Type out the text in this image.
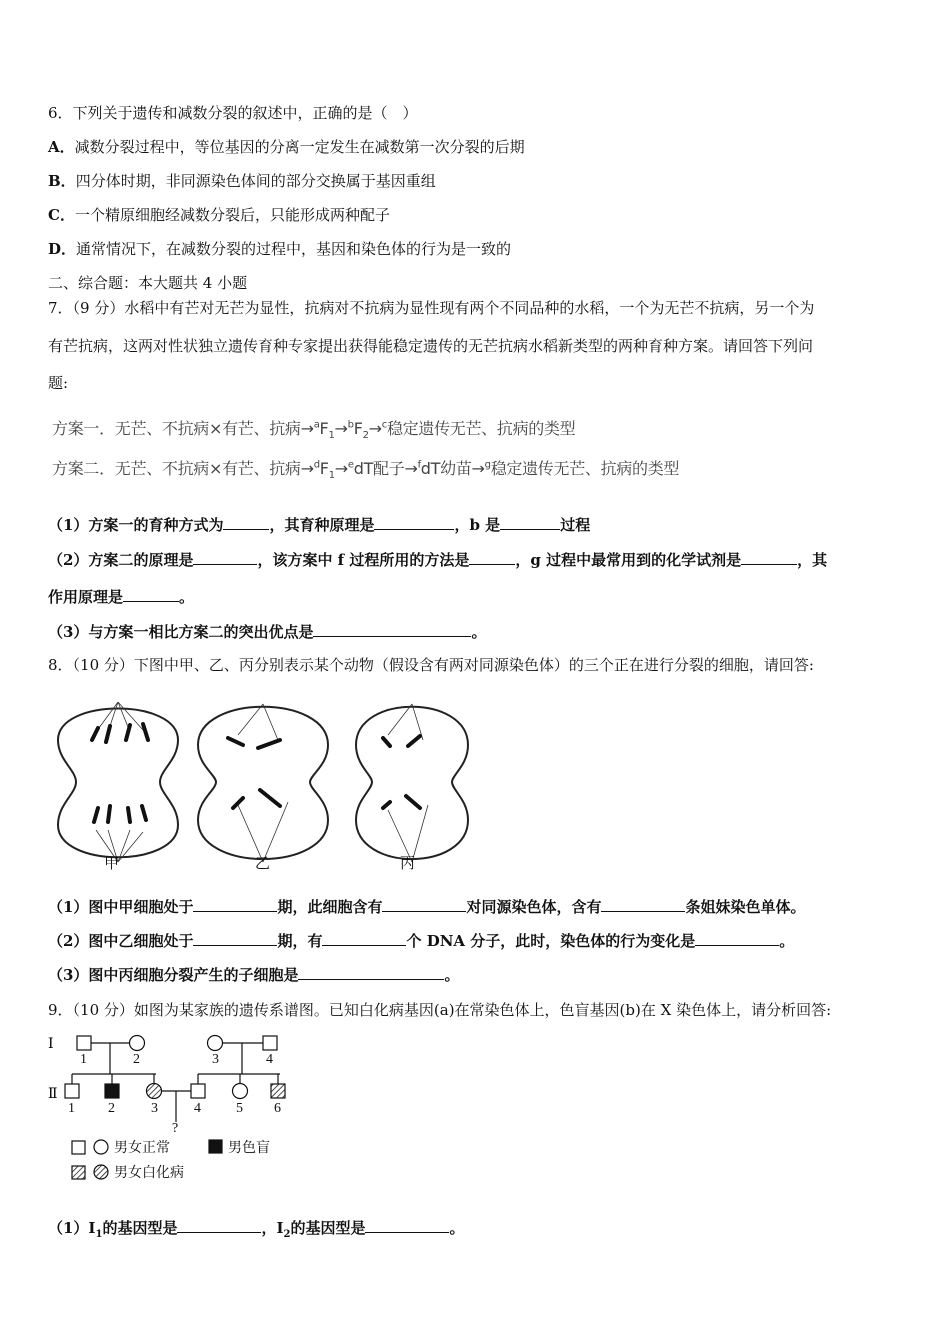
6．下列关于遗传和减数分裂的叙述中，正确的是（　）
A．减数分裂过程中，等位基因的分离一定发生在减数第一次分裂的后期
B．四分体时期，非同源染色体间的部分交换属于基因重组
C．一个精原细胞经减数分裂后，只能形成两种配子
D．通常情况下，在减数分裂的过程中，基因和染色体的行为是一致的
二、综合题：本大题共 4 小题
7．（9 分）水稻中有芒对无芒为显性，抗病对不抗病为显性现有两个不同品种的水稻，一个为无芒不抗病，另一个为
有芒抗病，这两对性状独立遗传育种专家提出获得能稳定遗传的无芒抗病水稻新类型的两种育种方案。请回答下列问
题:
方案一．无芒、不抗病×有芒、抗病$\to^aF_1\to^bF_2\to^c$稳定遗传无芒、抗病的类型
方案二．无芒、不抗病×有芒、抗病$\to^dF_1\to^edT$配子→$^f$dT幼苗→$^g$稳定遗传无芒、抗病的类型
（1）方案一的育种方式为	，其育种原理是	，b 是	过程
（2）方案二的原理是	，该方案中 f 过程所用的方法是	，g 过程中最常用到的化学试剂是	，其
作用原理是	。
（3）与方案一相比方案二的突出优点是	。
8．（10 分）下图中甲、乙、丙分别表示某个动物（假设含有两对同源染色体）的三个正在进行分裂的细胞，请回答:
甲	乙	丙
（1）图中甲细胞处于	期，此细胞含有	对同源染色体，含有	条姐妹染色单体。
（2）图中乙细胞处于	期，有	个 DNA 分子，此时，染色体的行为变化是	。
（3）图中丙细胞分裂产生的子细胞是	。
9．（10 分）如图为某家族的遗传系谱图。已知白化病基因(a)在常染色体上，色盲基因(b)在 X 染色体上，请分析回答:
Ⅰ
Ⅱ
1	2	3	4
1 2	3	4	5 6
?
男女正常	男色盲
男女白化病
$(1)Ⅰ_1$的基因型是	，$Ⅰ_2$的基因型是	。
